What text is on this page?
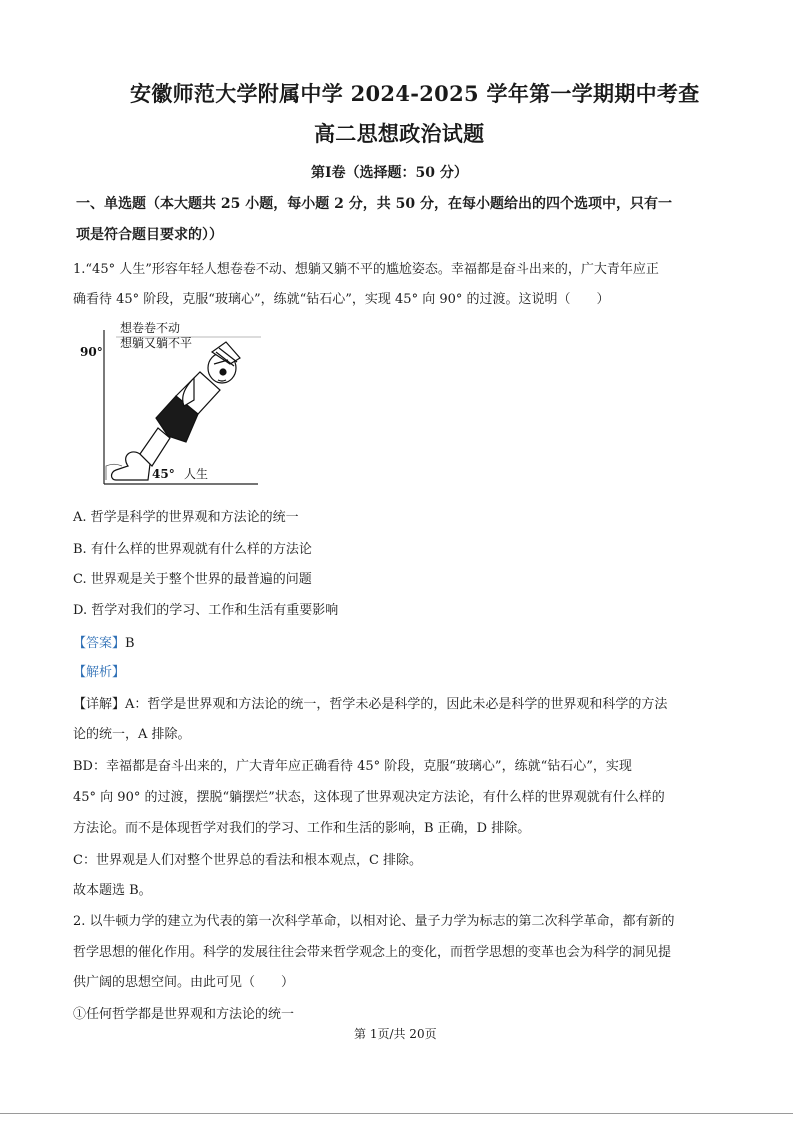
安徽师范大学附属中学 2024-2025 学年第一学期期中考查
高二思想政治试题
第Ⅰ卷（选择题：50 分）
一、单选题（本大题共 25 小题，每小题 2 分，共 50 分，在每小题给出的四个选项中，只有一
项是符合题目要求的））
1.“45° 人生”形容年轻人想卷卷不动、想躺又躺不平的尴尬姿态。幸福都是奋斗出来的，广大青年应正
确看待 45° 阶段，克服“玻璃心”，练就“钻石心”，实现 45° 向 90° 的过渡。这说明（　　）
想卷卷不动
想躺又躺不平
90°
45° 人生
A. 哲学是科学的世界观和方法论的统一
B. 有什么样的世界观就有什么样的方法论
C. 世界观是关于整个世界的最普遍的问题
D. 哲学对我们的学习、工作和生活有重要影响
【答案】B
【解析】
【详解】A：哲学是世界观和方法论的统一，哲学未必是科学的，因此未必是科学的世界观和科学的方法
论的统一，A 排除。
BD：幸福都是奋斗出来的，广大青年应正确看待 45° 阶段，克服“玻璃心”，练就“钻石心”，实现
45° 向 90° 的过渡，摆脱“躺摆烂”状态，这体现了世界观决定方法论，有什么样的世界观就有什么样的
方法论。而不是体现哲学对我们的学习、工作和生活的影响，B 正确，D 排除。
C：世界观是人们对整个世界总的看法和根本观点，C 排除。
故本题选 B。
2. 以牛顿力学的建立为代表的第一次科学革命，以相对论、量子力学为标志的第二次科学革命，都有新的
哲学思想的催化作用。科学的发展往往会带来哲学观念上的变化，而哲学思想的变革也会为科学的洞见提
供广阔的思想空间。由此可见（　　）
①任何哲学都是世界观和方法论的统一
第 1页/共 20页
